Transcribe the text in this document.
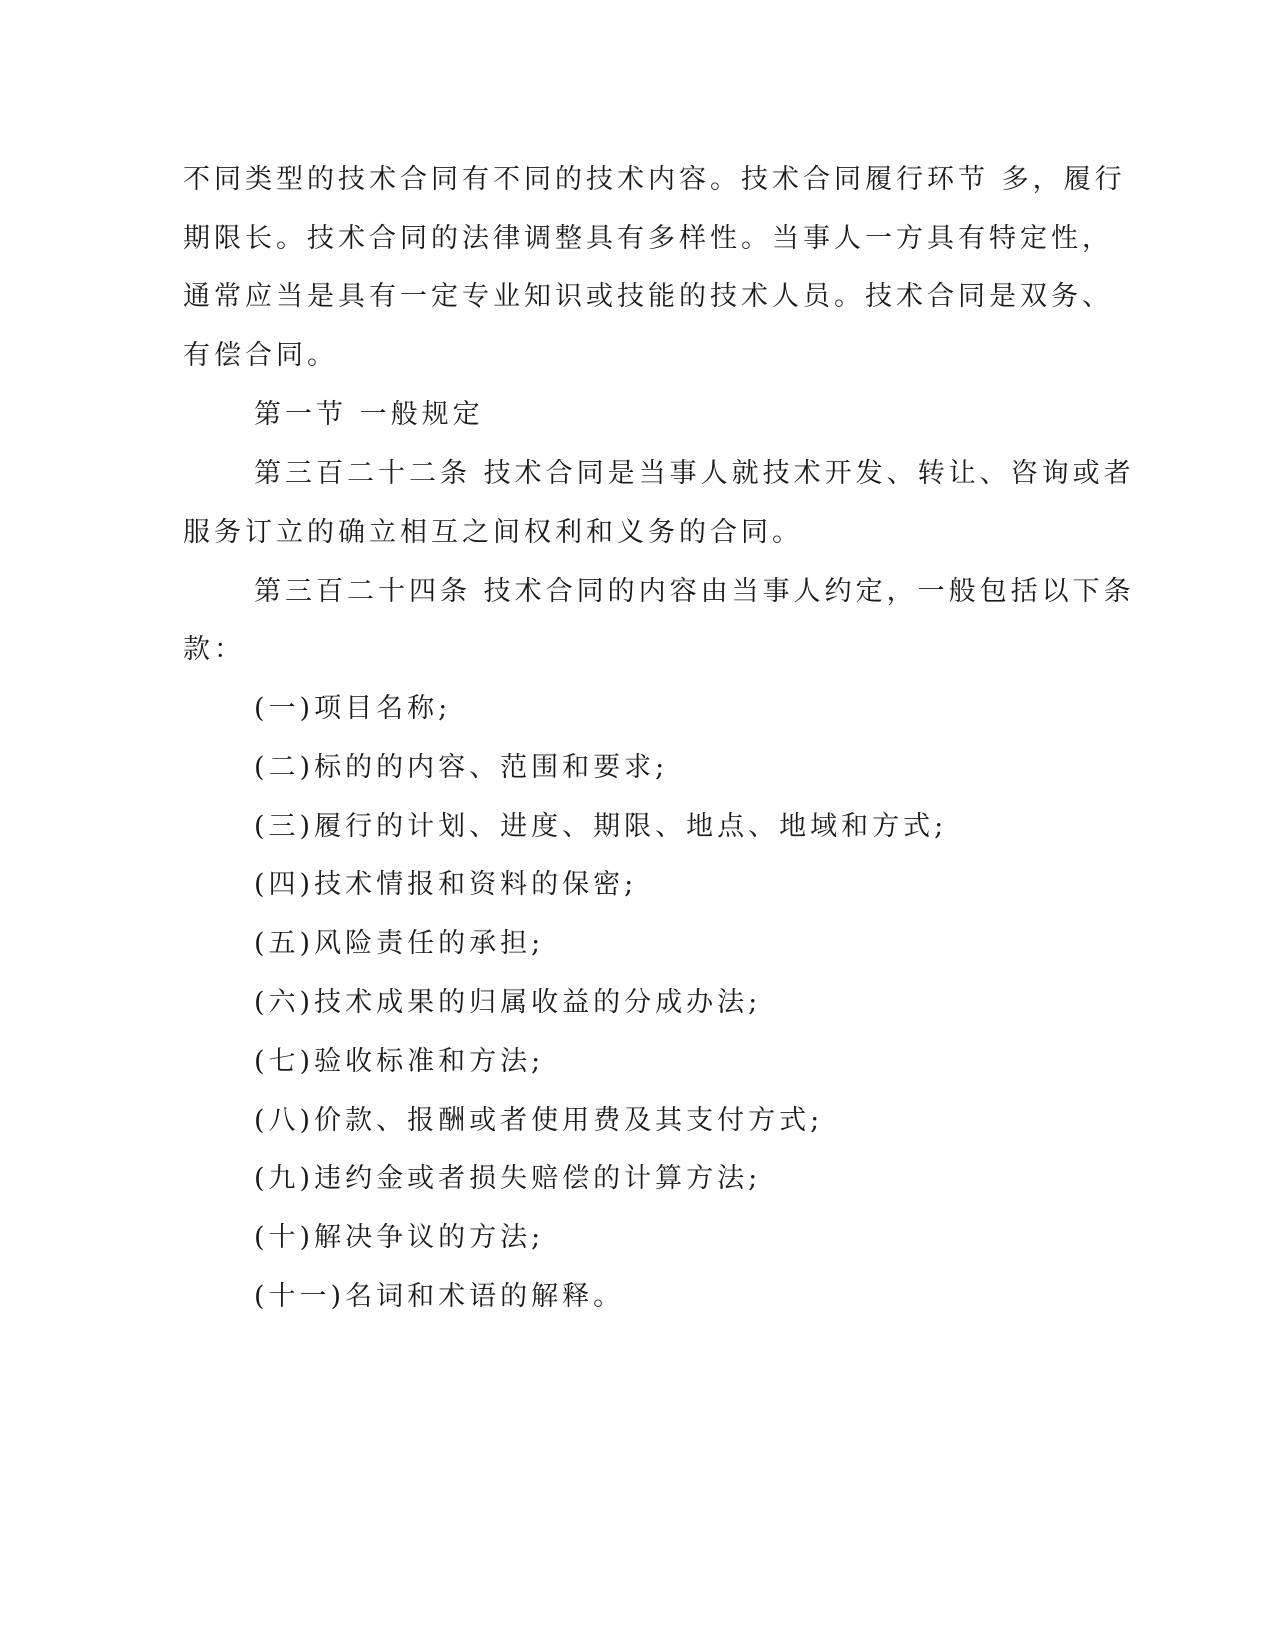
不同类型的技术合同有不同的技术内容。技术合同履行环节 多，履行
期限长。技术合同的法律调整具有多样性。当事人一方具有特定性，
通常应当是具有一定专业知识或技能的技术人员。技术合同是双务、
有偿合同。
第一节 一般规定
第三百二十二条 技术合同是当事人就技术开发、转让、咨询或者
服务订立的确立相互之间权利和义务的合同。
第三百二十四条 技术合同的内容由当事人约定，一般包括以下条
款：
(一)项目名称;
(二)标的的内容、范围和要求;
(三)履行的计划、进度、期限、地点、地域和方式;
(四)技术情报和资料的保密;
(五)风险责任的承担;
(六)技术成果的归属收益的分成办法;
(七)验收标准和方法;
(八)价款、报酬或者使用费及其支付方式;
(九)违约金或者损失赔偿的计算方法;
(十)解决争议的方法;
(十一)名词和术语的解释。
